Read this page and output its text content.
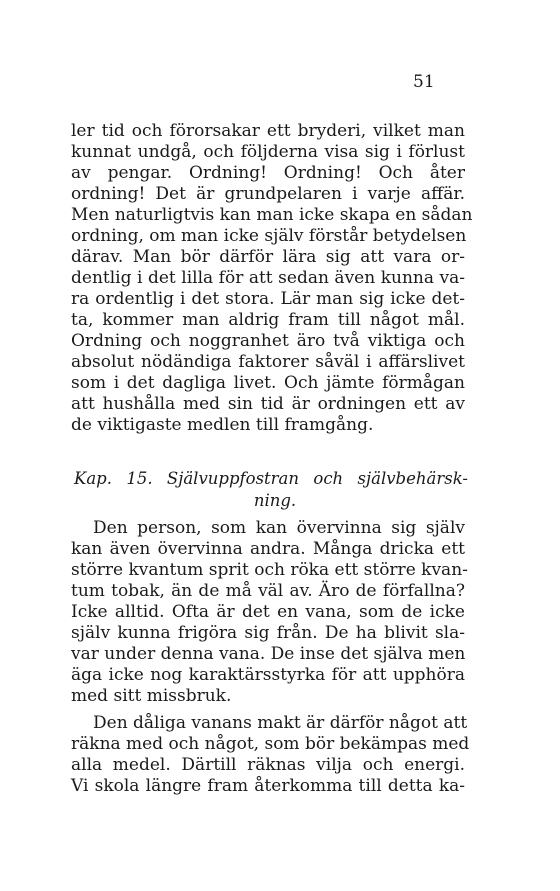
51
ler tid och förorsakar ett bryderi, vilket man
kunnat undgå, och följderna visa sig i förlust
av pengar. Ordning! Ordning! Och åter
ordning! Det är grundpelaren i varje affär.
Men naturligtvis kan man icke skapa en sådan
ordning, om man icke själv förstår betydelsen
därav. Man bör därför lära sig att vara or-
dentlig i det lilla för att sedan även kunna va-
ra ordentlig i det stora. Lär man sig icke det-
ta, kommer man aldrig fram till något mål.
Ordning och noggranhet äro två viktiga och
absolut nödändiga faktorer såväl i affärslivet
som i det dagliga livet. Och jämte förmågan
att hushålla med sin tid är ordningen ett av
de viktigaste medlen till framgång.
Kap. 15. Självuppfostran och självbehärsk-
ning.
Den person, som kan övervinna sig själv
kan även övervinna andra. Många dricka ett
större kvantum sprit och röka ett större kvan-
tum tobak, än de må väl av. Äro de förfallna?
Icke alltid. Ofta är det en vana, som de icke
själv kunna frigöra sig från. De ha blivit sla-
var under denna vana. De inse det själva men
äga icke nog karaktärsstyrka för att upphöra
med sitt missbruk.
Den dåliga vanans makt är därför något att
räkna med och något, som bör bekämpas med
alla medel. Därtill räknas vilja och energi.
Vi skola längre fram återkomma till detta ka-
